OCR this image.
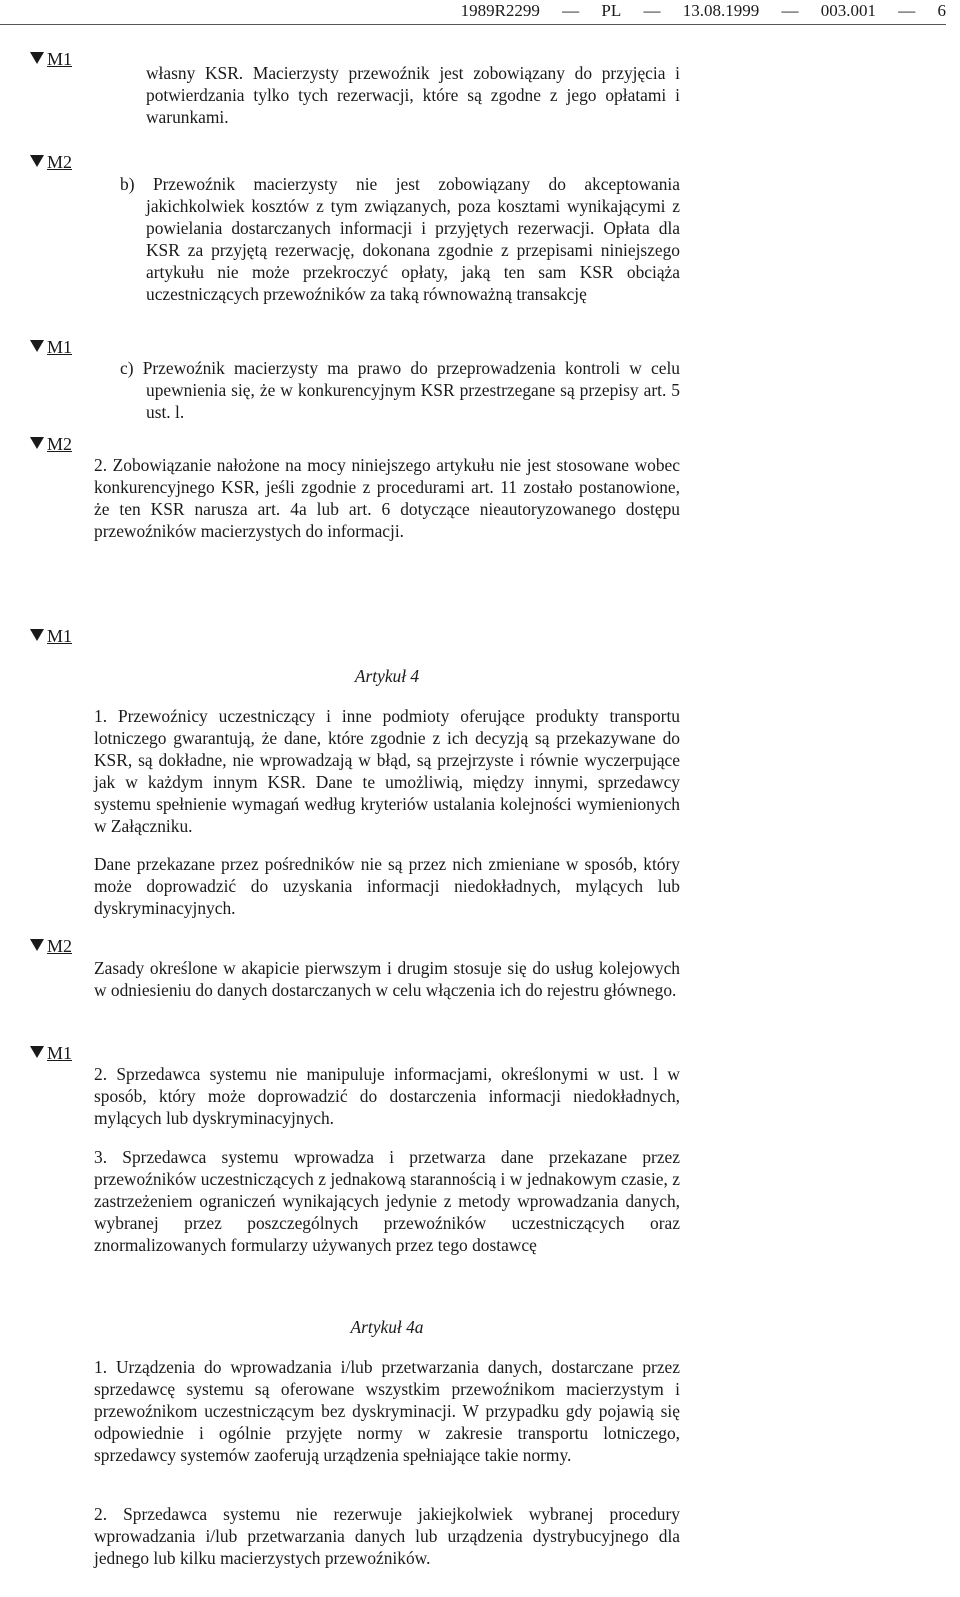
1989R2299 — PL — 13.08.1999 — 003.001 — 6
M1
M2
M1
M2
M1
M2
M1

własny KSR. Macierzysty przewoźnik jest zobowiązany do przyjęcia i potwierdzania tylko tych rezerwacji, które są zgodne z jego opłatami i warunkami.

b) Przewoźnik macierzysty nie jest zobowiązany do akceptowania jakichkolwiek kosztów z tym związanych, poza kosztami wynikającymi z powielania dostarczanych informacji i przyjętych rezerwacji. Opłata dla KSR za przyjętą rezerwację, dokonana zgodnie z przepisami niniejszego artykułu nie może przekroczyć opłaty, jaką ten sam KSR obciąża uczestniczących przewoźników za taką równoważną transakcję

c) Przewoźnik macierzysty ma prawo do przeprowadzenia kontroli w celu upewnienia się, że w konkurencyjnym KSR przestrzegane są przepisy art. 5 ust. l.

2. Zobowiązanie nałożone na mocy niniejszego artykułu nie jest stosowane wobec konkurencyjnego KSR, jeśli zgodnie z procedurami art. 11 zostało postanowione, że ten KSR narusza art. 4a lub art. 6 dotyczące nieautoryzowanego dostępu przewoźników macierzystych do informacji.

Artykuł 4

1. Przewoźnicy uczestniczący i inne podmioty oferujące produkty transportu lotniczego gwarantują, że dane, które zgodnie z ich decyzją są przekazywane do KSR, są dokładne, nie wprowadzają w błąd, są przejrzyste i równie wyczerpujące jak w każdym innym KSR. Dane te umożliwią, między innymi, sprzedawcy systemu spełnienie wymagań według kryteriów ustalania kolejności wymienionych w Załączniku.

Dane przekazane przez pośredników nie są przez nich zmieniane w sposób, który może doprowadzić do uzyskania informacji niedokładnych, mylących lub dyskryminacyjnych.

Zasady określone w akapicie pierwszym i drugim stosuje się do usług kolejowych w odniesieniu do danych dostarczanych w celu włączenia ich do rejestru głównego.

2. Sprzedawca systemu nie manipuluje informacjami, określonymi w ust. l w sposób, który może doprowadzić do dostarczenia informacji niedokładnych, mylących lub dyskryminacyjnych.

3. Sprzedawca systemu wprowadza i przetwarza dane przekazane przez przewoźników uczestniczących z jednakową starannością i w jednakowym czasie, z zastrzeżeniem ograniczeń wynikających jedynie z metody wprowadzania danych, wybranej przez poszczególnych przewoźników uczestniczących oraz znormalizowanych formularzy używanych przez tego dostawcę

Artykuł 4a

1. Urządzenia do wprowadzania i/lub przetwarzania danych, dostarczane przez sprzedawcę systemu są oferowane wszystkim przewoźnikom macierzystym i przewoźnikom uczestniczącym bez dyskryminacji. W przypadku gdy pojawią się odpowiednie i ogólnie przyjęte normy w zakresie transportu lotniczego, sprzedawcy systemów zaoferują urządzenia spełniające takie normy.

2. Sprzedawca systemu nie rezerwuje jakiejkolwiek wybranej procedury wprowadzania i/lub przetwarzania danych lub urządzenia dystrybucyjnego dla jednego lub kilku macierzystych przewoźników.
